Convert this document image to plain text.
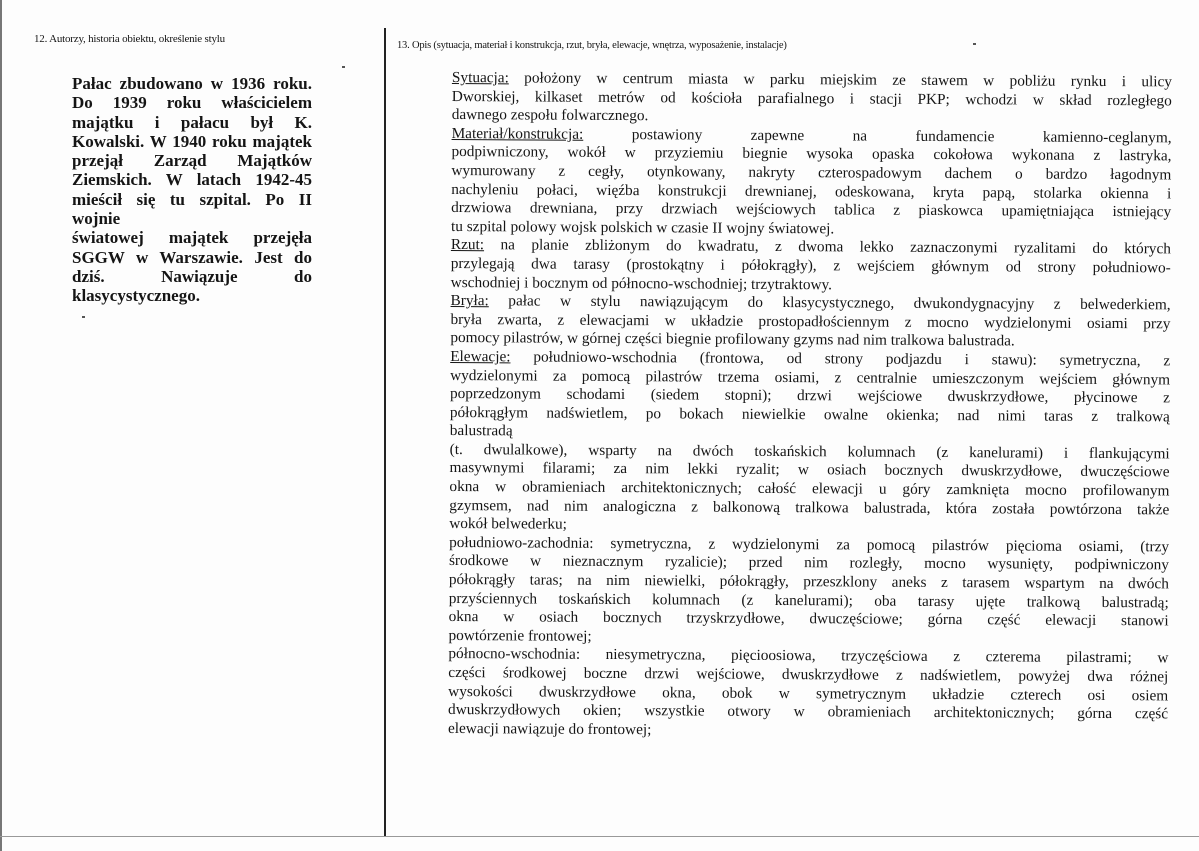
12. Autorzy, historia obiektu, określenie stylu
13. Opis (sytuacja, materiał i konstrukcja, rzut, bryła, elewacje, wnętrza, wyposażenie, instalacje)
Pałac zbudowano w 1936 roku.
Do 1939 roku właścicielem
majątku i pałacu był K.
Kowalski. W 1940 roku majątek
przejął Zarząd Majątków
Ziemskich. W latach 1942-45
mieścił się tu szpital. Po II wojnie
światowej majątek przejęła
SGGW w Warszawie. Jest do
dziś. Nawiązuje do
klasycystycznego.
Sytuacja: położony w centrum miasta w parku miejskim ze stawem w pobliżu rynku i ulicy
Dworskiej, kilkaset metrów od kościoła parafialnego i stacji PKP; wchodzi w skład rozległego
dawnego zespołu folwarcznego.
Materiał/konstrukcja: postawiony zapewne na fundamencie kamienno-ceglanym,
podpiwniczony, wokół w przyziemiu biegnie wysoka opaska cokołowa wykonana z lastryka,
wymurowany z cegły, otynkowany, nakryty czterospadowym dachem o bardzo łagodnym
nachyleniu połaci, więźba konstrukcji drewnianej, odeskowana, kryta papą, stolarka okienna i
drzwiowa drewniana, przy drzwiach wejściowych tablica z piaskowca upamiętniająca istniejący
tu szpital polowy wojsk polskich w czasie II wojny światowej.
Rzut: na planie zbliżonym do kwadratu, z dwoma lekko zaznaczonymi ryzalitami do których
przylegają dwa tarasy (prostokątny i półokrągły), z wejściem głównym od strony południowo-
wschodniej i bocznym od północno-wschodniej; trzytraktowy.
Bryła: pałac w stylu nawiązującym do klasycystycznego, dwukondygnacyjny z belwederkiem,
bryła zwarta, z elewacjami w układzie prostopadłościennym z mocno wydzielonymi osiami przy
pomocy pilastrów, w górnej części biegnie profilowany gzyms nad nim tralkowa balustrada.
Elewacje: południowo-wschodnia (frontowa, od strony podjazdu i stawu): symetryczna, z
wydzielonymi za pomocą pilastrów trzema osiami, z centralnie umieszczonym wejściem głównym
poprzedzonym schodami (siedem stopni); drzwi wejściowe dwuskrzydłowe, płycinowe z
półokrągłym nadświetlem, po bokach niewielkie owalne okienka; nad nimi taras z tralkową
balustradą
(t. dwulalkowe), wsparty na dwóch toskańskich kolumnach (z kanelurami) i flankującymi
masywnymi filarami; za nim lekki ryzalit; w osiach bocznych dwuskrzydłowe, dwuczęściowe
okna w obramieniach architektonicznych; całość elewacji u góry zamknięta mocno profilowanym
gzymsem, nad nim analogiczna z balkonową tralkowa balustrada, która została powtórzona także
wokół belwederku;
południowo-zachodnia: symetryczna, z wydzielonymi za pomocą pilastrów pięcioma osiami, (trzy
środkowe w nieznacznym ryzalicie); przed nim rozległy, mocno wysunięty, podpiwniczony
półokrągły taras; na nim niewielki, półokrągły, przeszklony aneks z tarasem wspartym na dwóch
przyściennych toskańskich kolumnach (z kanelurami); oba tarasy ujęte tralkową balustradą;
okna w osiach bocznych trzyskrzydłowe, dwuczęściowe; górna część elewacji stanowi
powtórzenie frontowej;
północno-wschodnia: niesymetryczna, pięcioosiowa, trzyczęściowa z czterema pilastrami; w
części środkowej boczne drzwi wejściowe, dwuskrzydłowe z nadświetlem, powyżej dwa różnej
wysokości dwuskrzydłowe okna, obok w symetrycznym układzie czterech osi osiem
dwuskrzydłowych okien; wszystkie otwory w obramieniach architektonicznych; górna część
elewacji nawiązuje do frontowej;
